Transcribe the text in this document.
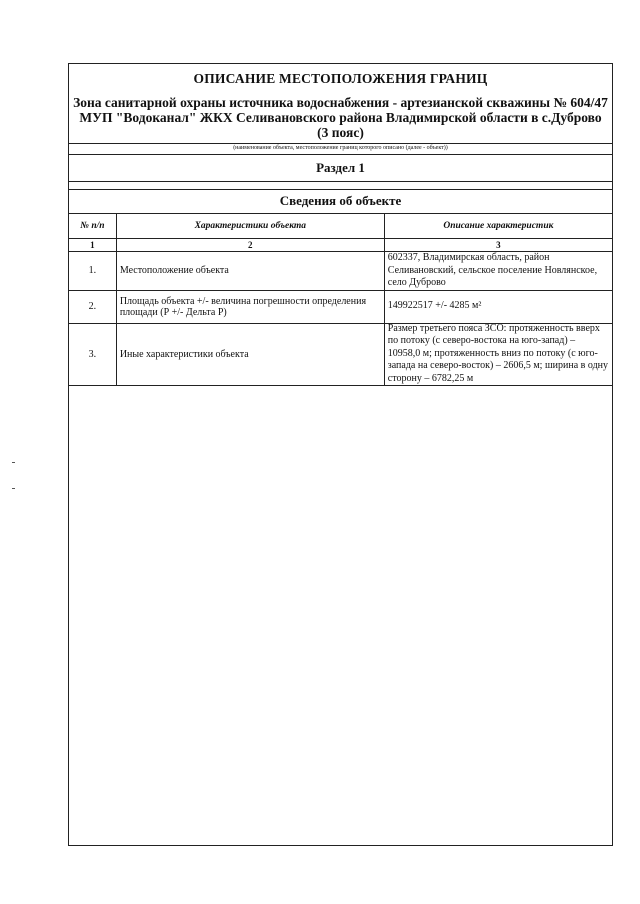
ОПИСАНИЕ МЕСТОПОЛОЖЕНИЯ ГРАНИЦ
Зона санитарной охраны источника водоснабжения - артезианской скважины № 604/47 МУП "Водоканал" ЖКХ Селивановского района Владимирской области в с.Дуброво (3 пояс)
(наименование объекта, местоположение границ которого описано (далее - объект))
Раздел 1
Сведения об объекте
№ п/п	Характеристики объекта	Описание характеристик
1	2	3
1.	Местоположение объекта	602337, Владимирская область, район Селивановский, сельское поселение Новлянское, село Дуброво
2.	Площадь объекта +/- величина погрешности определения площади (Р +/- Дельта Р)	149922517 +/- 4285 м²
3.	Иные характеристики объекта	Размер третьего пояса ЗСО: протяженность вверх по потоку (с северо-востока на юго-запад) – 10958,0 м; протяженность вниз по потоку (с юго-запада на северо-восток) – 2606,5 м; ширина в одну сторону – 6782,25 м
